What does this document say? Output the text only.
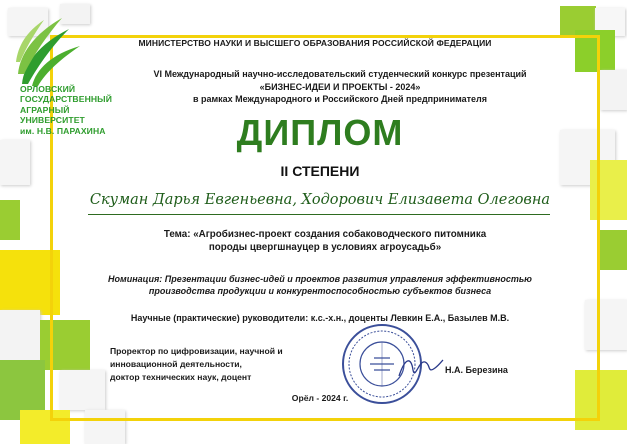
ОРЛОВСКИЙ
ГОСУДАРСТВЕННЫЙ
АГРАРНЫЙ
УНИВЕРСИТЕТ
им. Н.В. ПАРАХИНА
МИНИСТЕРСТВО НАУКИ И ВЫСШЕГО ОБРАЗОВАНИЯ РОССИЙСКОЙ ФЕДЕРАЦИИ
VI Международный научно-исследовательский студенческий конкурс презентаций
«БИЗНЕС-ИДЕИ И ПРОЕКТЫ - 2024»
в рамках Международного и Российского Дней предпринимателя
ДИПЛОМ
II СТЕПЕНИ
Скуман Дарья Евгеньевна, Ходорович Елизавета Олеговна
Тема: «Агробизнес-проект создания собаководческого питомника
породы цвергшнауцер в условиях агроусадьб»
Номинация: Презентации бизнес-идей и проектов развития управления эффективностью
производства продукции и конкурентоспособностью субъектов бизнеса
Научные (практические) руководители: к.с.-х.н., доценты Левкин Е.А., Базылев М.В.
Проректор по цифровизации, научной и
инновационной деятельности,
доктор технических наук, доцент
Н.А. Березина
Орёл - 2024 г.
